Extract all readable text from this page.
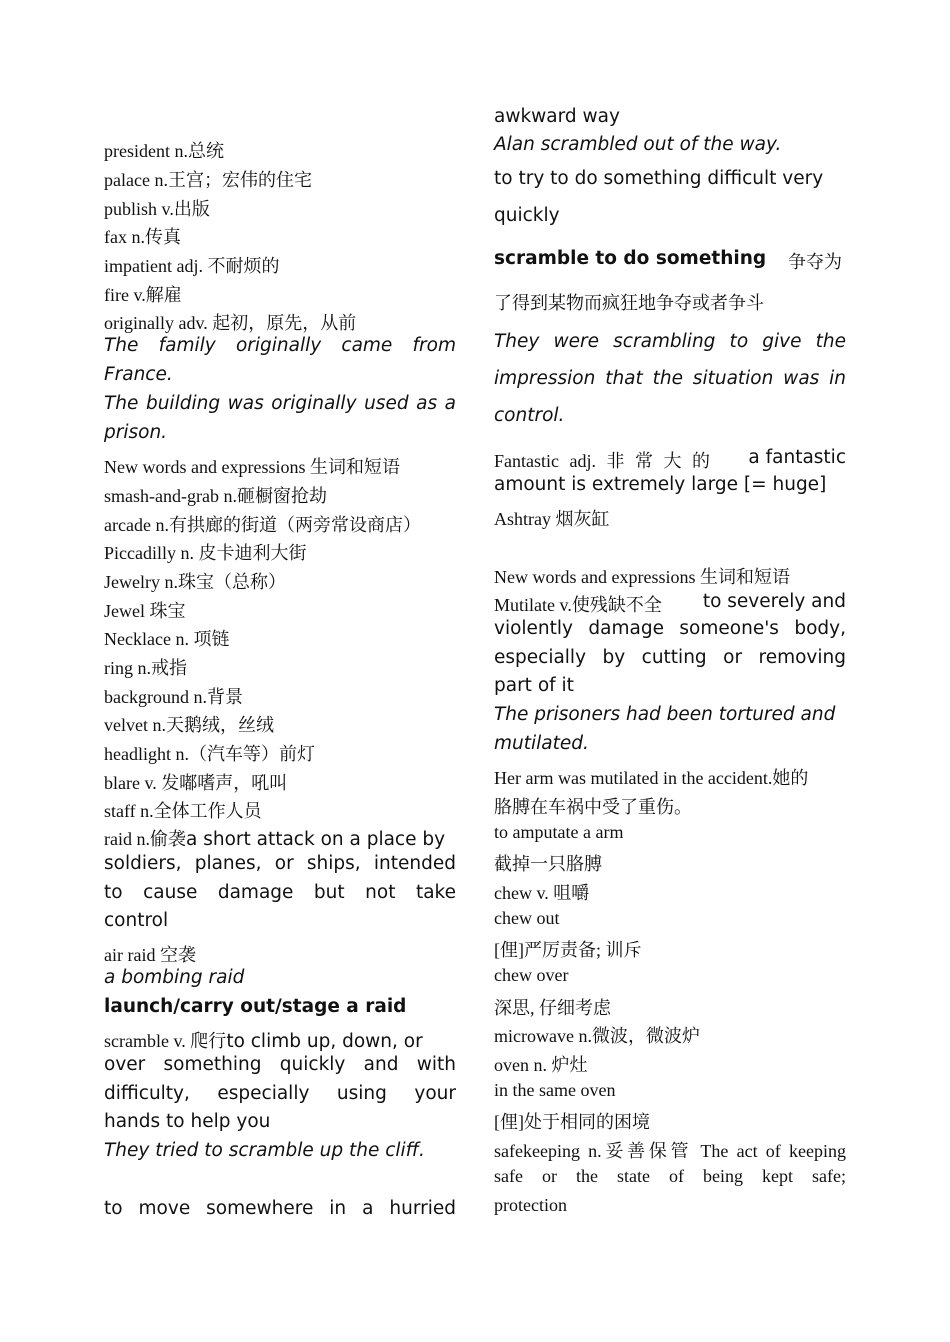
president n.总统
palace n.王宫；宏伟的住宅
publish v.出版
fax n.传真
impatient adj. 不耐烦的
fire v.解雇
originally adv. 起初，原先，从前
The family originally came from
France.
The building was originally used as a
prison.
New words and expressions 生词和短语
smash-and-grab n.砸橱窗抢劫
arcade n.有拱廊的街道（两旁常设商店）
Piccadilly n. 皮卡迪利大街
Jewelry n.珠宝（总称）
Jewel 珠宝
Necklace n. 项链
ring n.戒指
background n.背景
velvet n.天鹅绒，丝绒
headlight n.（汽车等）前灯
blare v. 发嘟嗜声，吼叫
staff n.全体工作人员
raid n.偷袭a short attack on a place by
soldiers, planes, or ships, intended
to cause damage but not take
control
air raid 空袭
a bombing raid
launch/carry out/stage a raid
scramble v. 爬行to climb up, down, or
over something quickly and with
difficulty, especially using your
hands to help you
They tried to scramble up the cliff.
to move somewhere in a hurried
awkward way
Alan scrambled out of the way.
to try to do something difficult very
quickly
scramble to do something 争夺为
了得到某物而疯狂地争夺或者争斗
They were scrambling to give the
impression that the situation was in
control.
Fantastic adj. 非 常 大 的 a fantastic
amount is extremely large [= huge]
Ashtray 烟灰缸
New words and expressions 生词和短语
Mutilate v.使残缺不全 to severely and
violently damage someone's body,
especially by cutting or removing
part of it
The prisoners had been tortured and
mutilated.
Her arm was mutilated in the accident.她的
胳膊在车祸中受了重伤。
to amputate a arm
截掉一只胳膊
chew v. 咀嚼
chew out
[俚]严厉责备; 训斥
chew over
深思, 仔细考虑
microwave n.微波，微波炉
oven n. 炉灶
in the same oven
[俚]处于相同的困境
safekeeping n.妥善保管 The act of keeping
safe or the state of being kept safe;
protection
